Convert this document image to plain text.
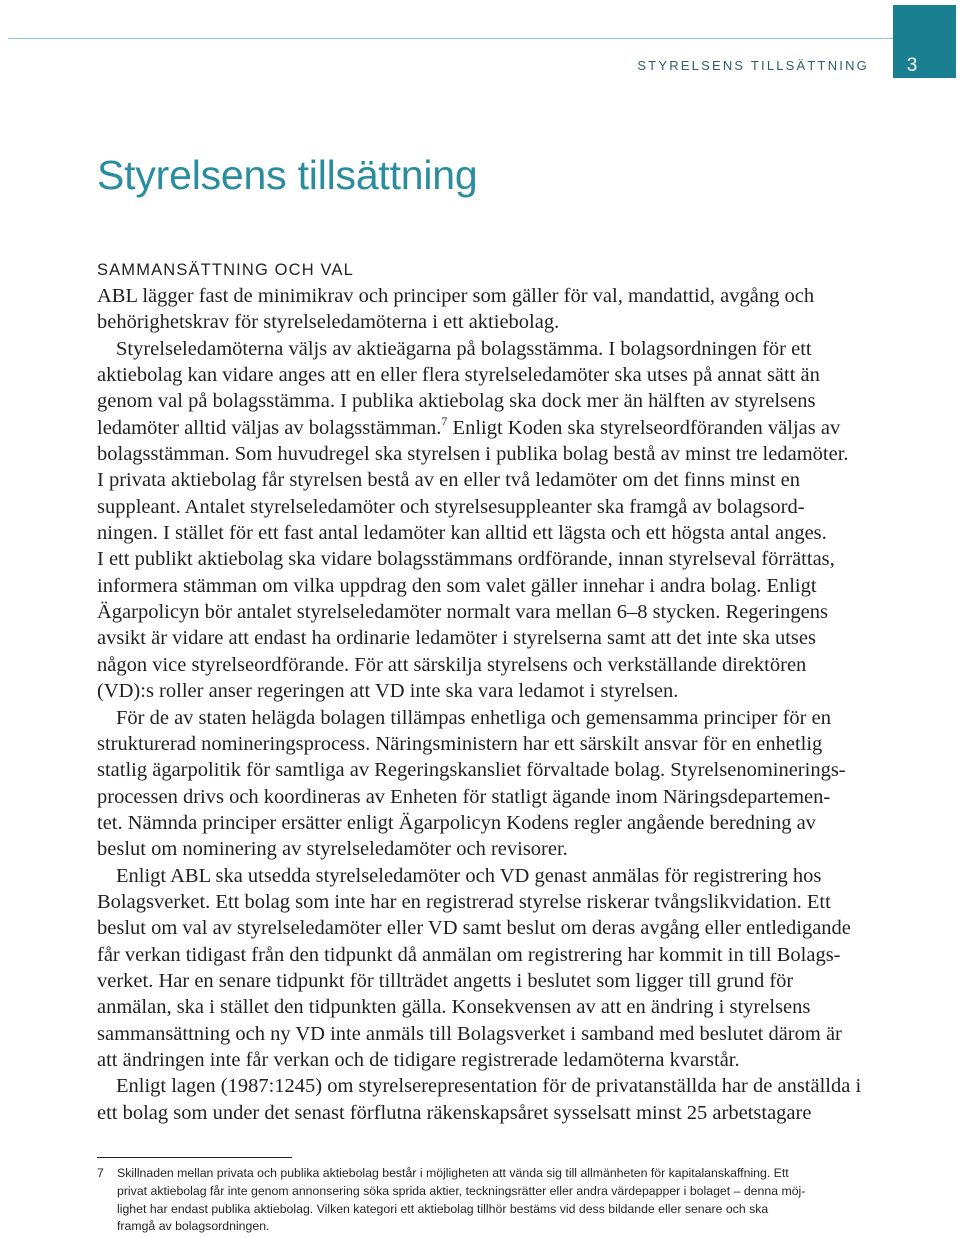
STYRELSENS TILLSÄTTNING 3
Styrelsens tillsättning
SAMMANSÄTTNING OCH VAL
ABL lägger fast de minimikrav och principer som gäller för val, mandattid, avgång och
behörighetskrav för styrelseledamöterna i ett aktiebolag.
Styrelseledamöterna väljs av aktieägarna på bolagsstämma. I bolagsordningen för ett
aktiebolag kan vidare anges att en eller flera styrelseledamöter ska utses på annat sätt än
genom val på bolagsstämma. I publika aktiebolag ska dock mer än hälften av styrelsens
ledamöter alltid väljas av bolagsstämman.$^7$ Enligt Koden ska styrelseordföranden väljas av
bolagsstämman. Som huvudregel ska styrelsen i publika bolag bestå av minst tre ledamöter.
I privata aktiebolag får styrelsen bestå av en eller två ledamöter om det finns minst en
suppleant. Antalet styrelseledamöter och styrelsesuppleanter ska framgå av bolagsord-
ningen. I stället för ett fast antal ledamöter kan alltid ett lägsta och ett högsta antal anges.
I ett publikt aktiebolag ska vidare bolagsstämmans ordförande, innan styrelseval förrättas,
informera stämman om vilka uppdrag den som valet gäller innehar i andra bolag. Enligt
Ägarpolicyn bör antalet styrelseledamöter normalt vara mellan 6–8 stycken. Regeringens
avsikt är vidare att endast ha ordinarie ledamöter i styrelserna samt att det inte ska utses
någon vice styrelseordförande. För att särskilja styrelsens och verkställande direktören
(VD):s roller anser regeringen att VD inte ska vara ledamot i styrelsen.
För de av staten helägda bolagen tillämpas enhetliga och gemensamma principer för en
strukturerad nomineringsprocess. Näringsministern har ett särskilt ansvar för en enhetlig
statlig ägarpolitik för samtliga av Regeringskansliet förvaltade bolag. Styrelsenominerings-
processen drivs och koordineras av Enheten för statligt ägande inom Näringsdepartemen-
tet. Nämnda principer ersätter enligt Ägarpolicyn Kodens regler angående beredning av
beslut om nominering av styrelseledamöter och revisorer.
Enligt ABL ska utsedda styrelseledamöter och VD genast anmälas för registrering hos
Bolagsverket. Ett bolag som inte har en registrerad styrelse riskerar tvångslikvidation. Ett
beslut om val av styrelseledamöter eller VD samt beslut om deras avgång eller entledigande
får verkan tidigast från den tidpunkt då anmälan om registrering har kommit in till Bolags-
verket. Har en senare tidpunkt för tillträdet angetts i beslutet som ligger till grund för
anmälan, ska i stället den tidpunkten gälla. Konsekvensen av att en ändring i styrelsens
sammansättning och ny VD inte anmäls till Bolagsverket i samband med beslutet därom är
att ändringen inte får verkan och de tidigare registrerade ledamöterna kvarstår.
Enligt lagen (1987:1245) om styrelserepresentation för de privatanställda har de anställda i
ett bolag som under det senast förflutna räkenskapsåret sysselsatt minst 25 arbetstagare
7 Skillnaden mellan privata och publika aktiebolag består i möjligheten att vända sig till allmänheten för kapitalanskaffning. Ett
privat aktiebolag får inte genom annonsering söka sprida aktier, teckningsrätter eller andra värdepapper i bolaget – denna möj-
lighet har endast publika aktiebolag. Vilken kategori ett aktiebolag tillhör bestäms vid dess bildande eller senare och ska
framgå av bolagsordningen.
